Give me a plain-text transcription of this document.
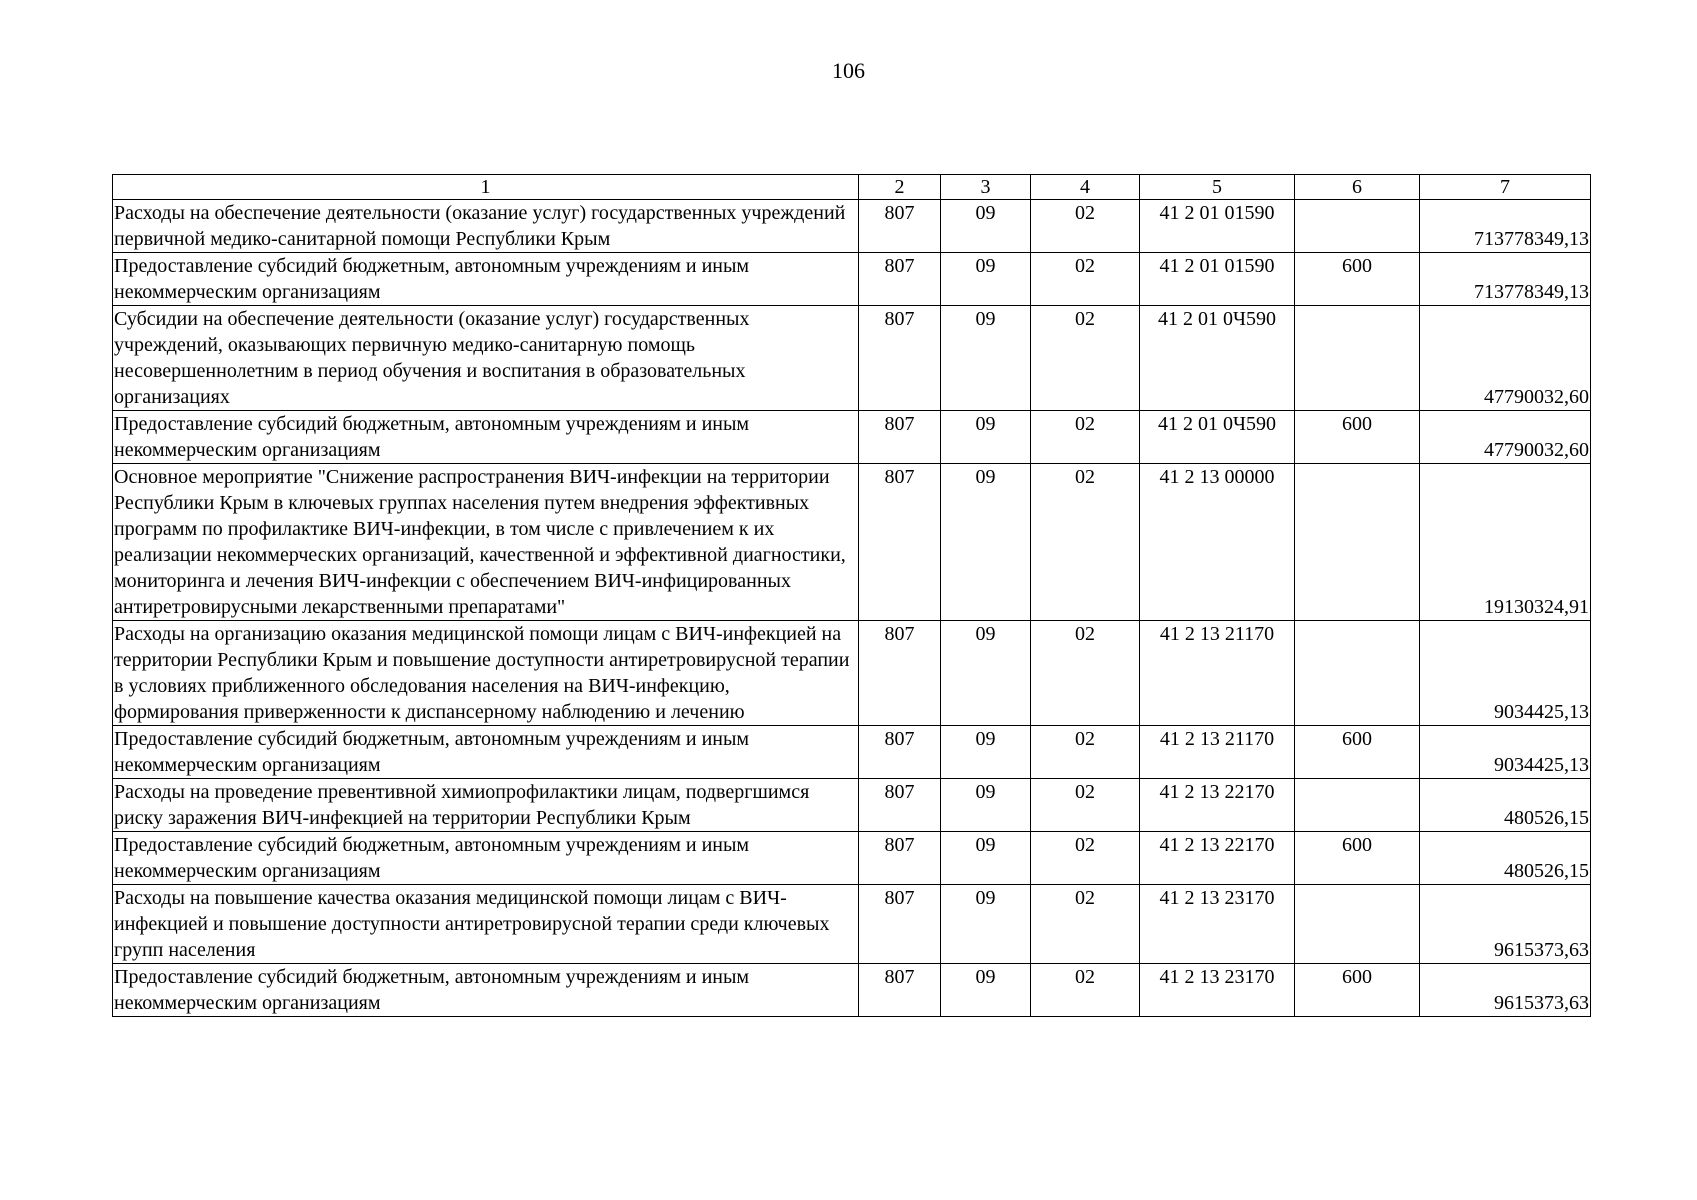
106
1	2	3	4	5	6	7
Расходы на обеспечение деятельности (оказание услуг) государственных учреждений первичной медико-санитарной помощи Республики Крым	807	09	02	41 2 01 01590		713778349,13
Предоставление субсидий бюджетным, автономным учреждениям и иным некоммерческим организациям	807	09	02	41 2 01 01590	600	713778349,13
Субсидии на обеспечение деятельности (оказание услуг) государственных учреждений, оказывающих первичную медико-санитарную помощь несовершеннолетним в период обучения и воспитания в образовательных организациях	807	09	02	41 2 01 0Ч590		47790032,60
Предоставление субсидий бюджетным, автономным учреждениям и иным некоммерческим организациям	807	09	02	41 2 01 0Ч590	600	47790032,60
Основное мероприятие "Снижение распространения ВИЧ-инфекции на территории Республики Крым в ключевых группах населения путем внедрения эффективных программ по профилактике ВИЧ-инфекции, в том числе с привлечением к их реализации некоммерческих организаций, качественной и эффективной диагностики, мониторинга и лечения ВИЧ-инфекции с обеспечением ВИЧ-инфицированных антиретровирусными лекарственными препаратами"	807	09	02	41 2 13 00000		19130324,91
Расходы на организацию оказания медицинской помощи лицам с ВИЧ-инфекцией на территории Республики Крым и повышение доступности антиретровирусной терапии в условиях приближенного обследования населения на ВИЧ-инфекцию, формирования приверженности к диспансерному наблюдению и лечению	807	09	02	41 2 13 21170		9034425,13
Предоставление субсидий бюджетным, автономным учреждениям и иным некоммерческим организациям	807	09	02	41 2 13 21170	600	9034425,13
Расходы на проведение превентивной химиопрофилактики лицам, подвергшимся риску заражения ВИЧ-инфекцией на территории Республики Крым	807	09	02	41 2 13 22170		480526,15
Предоставление субсидий бюджетным, автономным учреждениям и иным некоммерческим организациям	807	09	02	41 2 13 22170	600	480526,15
Расходы на повышение качества оказания медицинской помощи лицам с ВИЧ-инфекцией и повышение доступности антиретровирусной терапии среди ключевых групп населения	807	09	02	41 2 13 23170		9615373,63
Предоставление субсидий бюджетным, автономным учреждениям и иным некоммерческим организациям	807	09	02	41 2 13 23170	600	9615373,63
